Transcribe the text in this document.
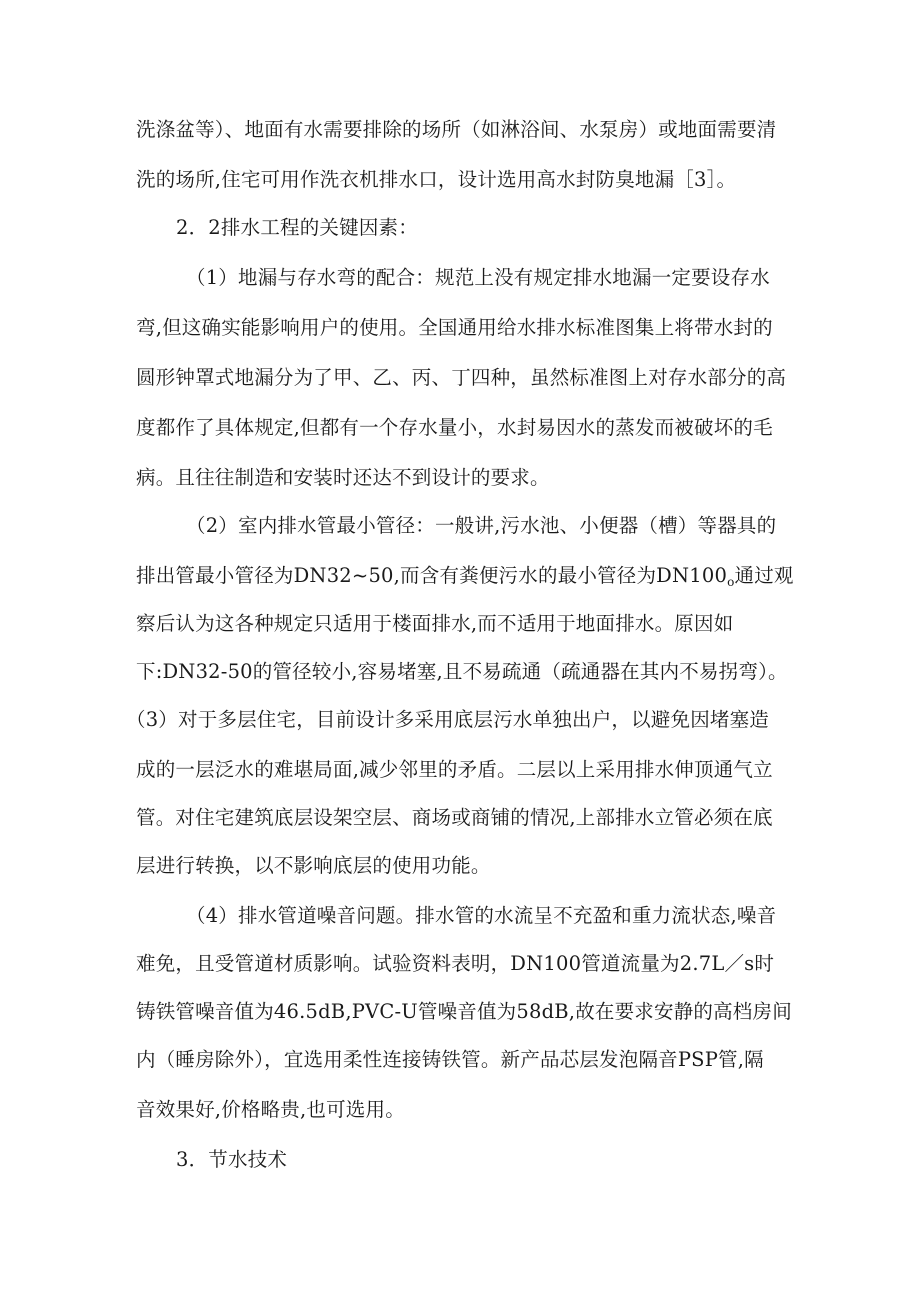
洗涤盆等）、地面有水需要排除的场所（如淋浴间、水泵房）或地面需要清
洗的场所,住宅可用作洗衣机排水口，设计选用高水封防臭地漏［3］。
2．2排水工程的关键因素：
（1）地漏与存水弯的配合：规范上没有规定排水地漏一定要设存水
弯,但这确实能影响用户的使用。全国通用给水排水标准图集上将带水封的
圆形钟罩式地漏分为了甲、乙、丙、丁四种，虽然标准图上对存水部分的高
度都作了具体规定,但都有一个存水量小，水封易因水的蒸发而被破坏的毛
病。且往往制造和安装时还达不到设计的要求。
（2）室内排水管最小管径：一般讲,污水池、小便器（槽）等器具的
排出管最小管径为DN32~50,而含有粪便污水的最小管径为$DN100_o$通过观
察后认为这各种规定只适用于楼面排水,而不适用于地面排水。原因如
下:DN32-50的管径较小,容易堵塞,且不易疏通（疏通器在其内不易拐弯）。
（3）对于多层住宅，目前设计多采用底层污水单独出户，以避免因堵塞造
成的一层泛水的难堪局面,减少邻里的矛盾。二层以上采用排水伸顶通气立
管。对住宅建筑底层设架空层、商场或商铺的情况,上部排水立管必须在底
层进行转换，以不影响底层的使用功能。
（4）排水管道噪音问题。排水管的水流呈不充盈和重力流状态,噪音
难免，且受管道材质影响。试验资料表明，DN100管道流量为2.7L／s时
铸铁管噪音值为46.5dB,PVC-U管噪音值为58dB,故在要求安静的高档房间
内（睡房除外），宜选用柔性连接铸铁管。新产品芯层发泡隔音PSP管,隔
音效果好,价格略贵,也可选用。
3．节水技术
